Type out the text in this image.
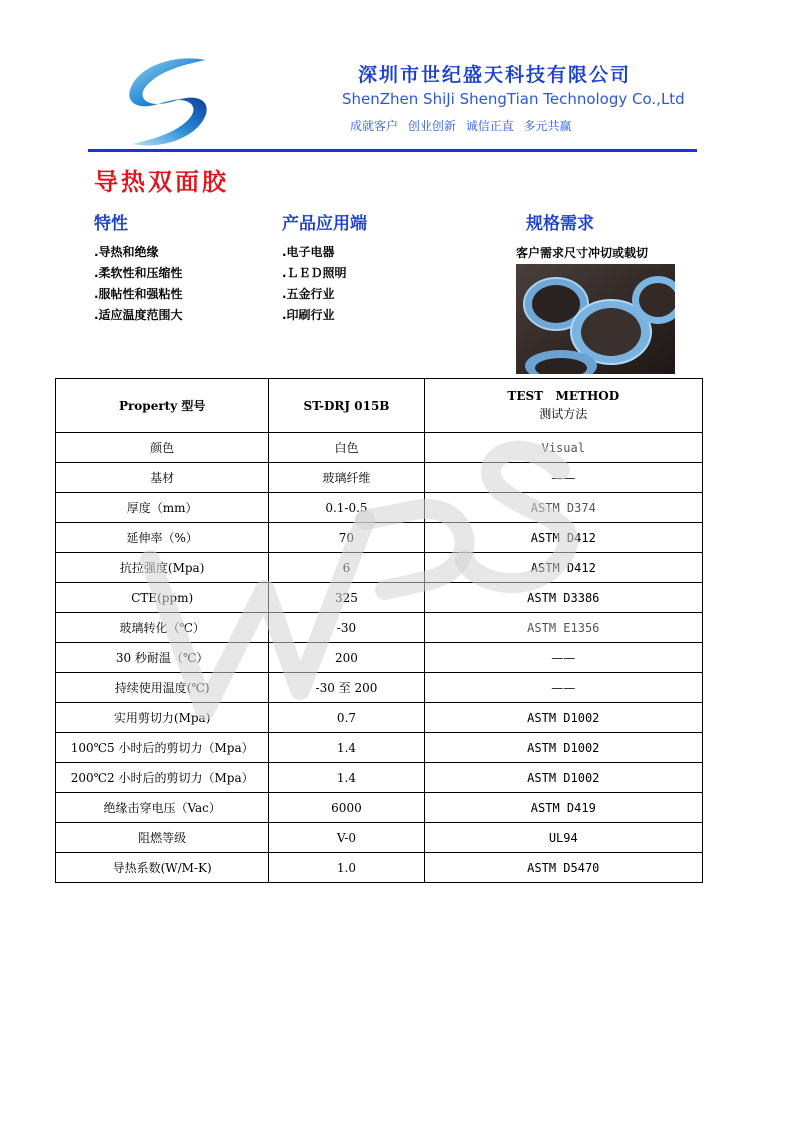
深圳市世纪盛天科技有限公司
ShenZhen ShiJi ShengTian Technology Co.,Ltd
成就客户 创业创新 诚信正直 多元共赢
导热双面胶
特性
.导热和绝缘
.柔软性和压缩性
.服帖性和强粘性
.适应温度范围大
产品应用端
.电子电器
.ＬＥＤ照明
.五金行业
.印刷行业
规格需求
客户需求尺寸冲切或载切
Property 型号	ST-DRJ 015B	TEST   METHOD
测试方法

颜色	白色	Visual
基材	玻璃纤维	——
厚度（mm）	0.1-0.5	ASTM D374
延伸率（%）	70	ASTM D412
抗拉强度(Mpa)	6	ASTM D412
CTE(ppm)	325	ASTM D3386
玻璃转化（℃）	-30	ASTM E1356
30 秒耐温（℃）	200	——
持续使用温度(℃)	-30 至 200	——
实用剪切力(Mpa)	0.7	ASTM D1002
100℃5 小时后的剪切力（Mpa）	1.4	ASTM D1002
200℃2 小时后的剪切力（Mpa）	1.4	ASTM D1002
绝缘击穿电压（Vac）	6000	ASTM D419
阻燃等级	V-0	UL94
导热系数(W/M-K)	1.0	ASTM D5470
